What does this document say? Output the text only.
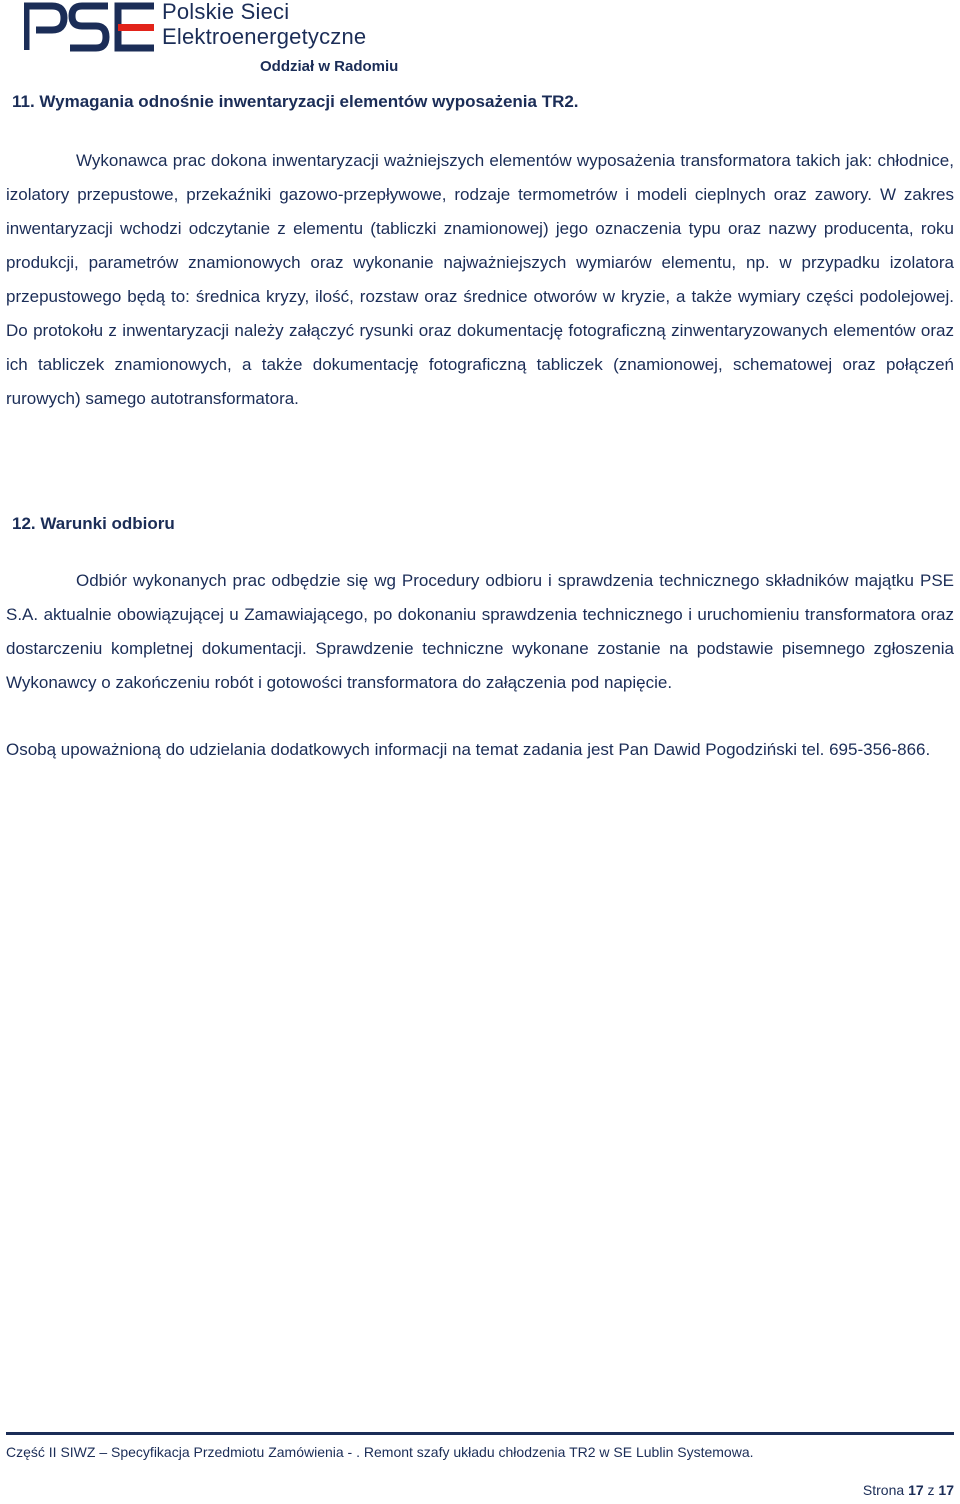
Polskie Sieci
Elektroenergetyczne
Oddział w Radomiu
11. Wymagania odnośnie inwentaryzacji elementów wyposażenia TR2.

Wykonawca prac dokona inwentaryzacji ważniejszych elementów wyposażenia transformatora takich jak: chłodnice, izolatory przepustowe, przekaźniki gazowo-przepływowe, rodzaje termometrów i modeli cieplnych oraz zawory. W zakres inwentaryzacji wchodzi odczytanie z elementu (tabliczki znamionowej) jego oznaczenia typu oraz nazwy producenta, roku produkcji, parametrów znamionowych oraz wykonanie najważniejszych wymiarów elementu, np. w przypadku izolatora przepustowego będą to: średnica kryzy, ilość, rozstaw oraz średnice otworów w kryzie, a także wymiary części podolejowej. Do protokołu z inwentaryzacji należy załączyć rysunki oraz dokumentację fotograficzną zinwentaryzowanych elementów oraz ich tabliczek znamionowych, a także dokumentację fotograficzną tabliczek (znamionowej, schematowej oraz połączeń rurowych) samego autotransformatora.

12. Warunki odbioru

Odbiór wykonanych prac odbędzie się wg Procedury odbioru i sprawdzenia technicznego składników majątku PSE S.A. aktualnie obowiązującej u Zamawiającego, po dokonaniu sprawdzenia technicznego i uruchomieniu transformatora oraz dostarczeniu kompletnej dokumentacji. Sprawdzenie techniczne wykonane zostanie na podstawie pisemnego zgłoszenia Wykonawcy o zakończeniu robót i gotowości transformatora do załączenia pod napięcie.

Osobą upoważnioną do udzielania dodatkowych informacji na temat zadania jest Pan Dawid Pogodziński tel. 695-356-866.

Część II SIWZ – Specyfikacja Przedmiotu Zamówienia - . Remont szafy układu chłodzenia TR2 w SE Lublin Systemowa.
Strona 17 z 17
